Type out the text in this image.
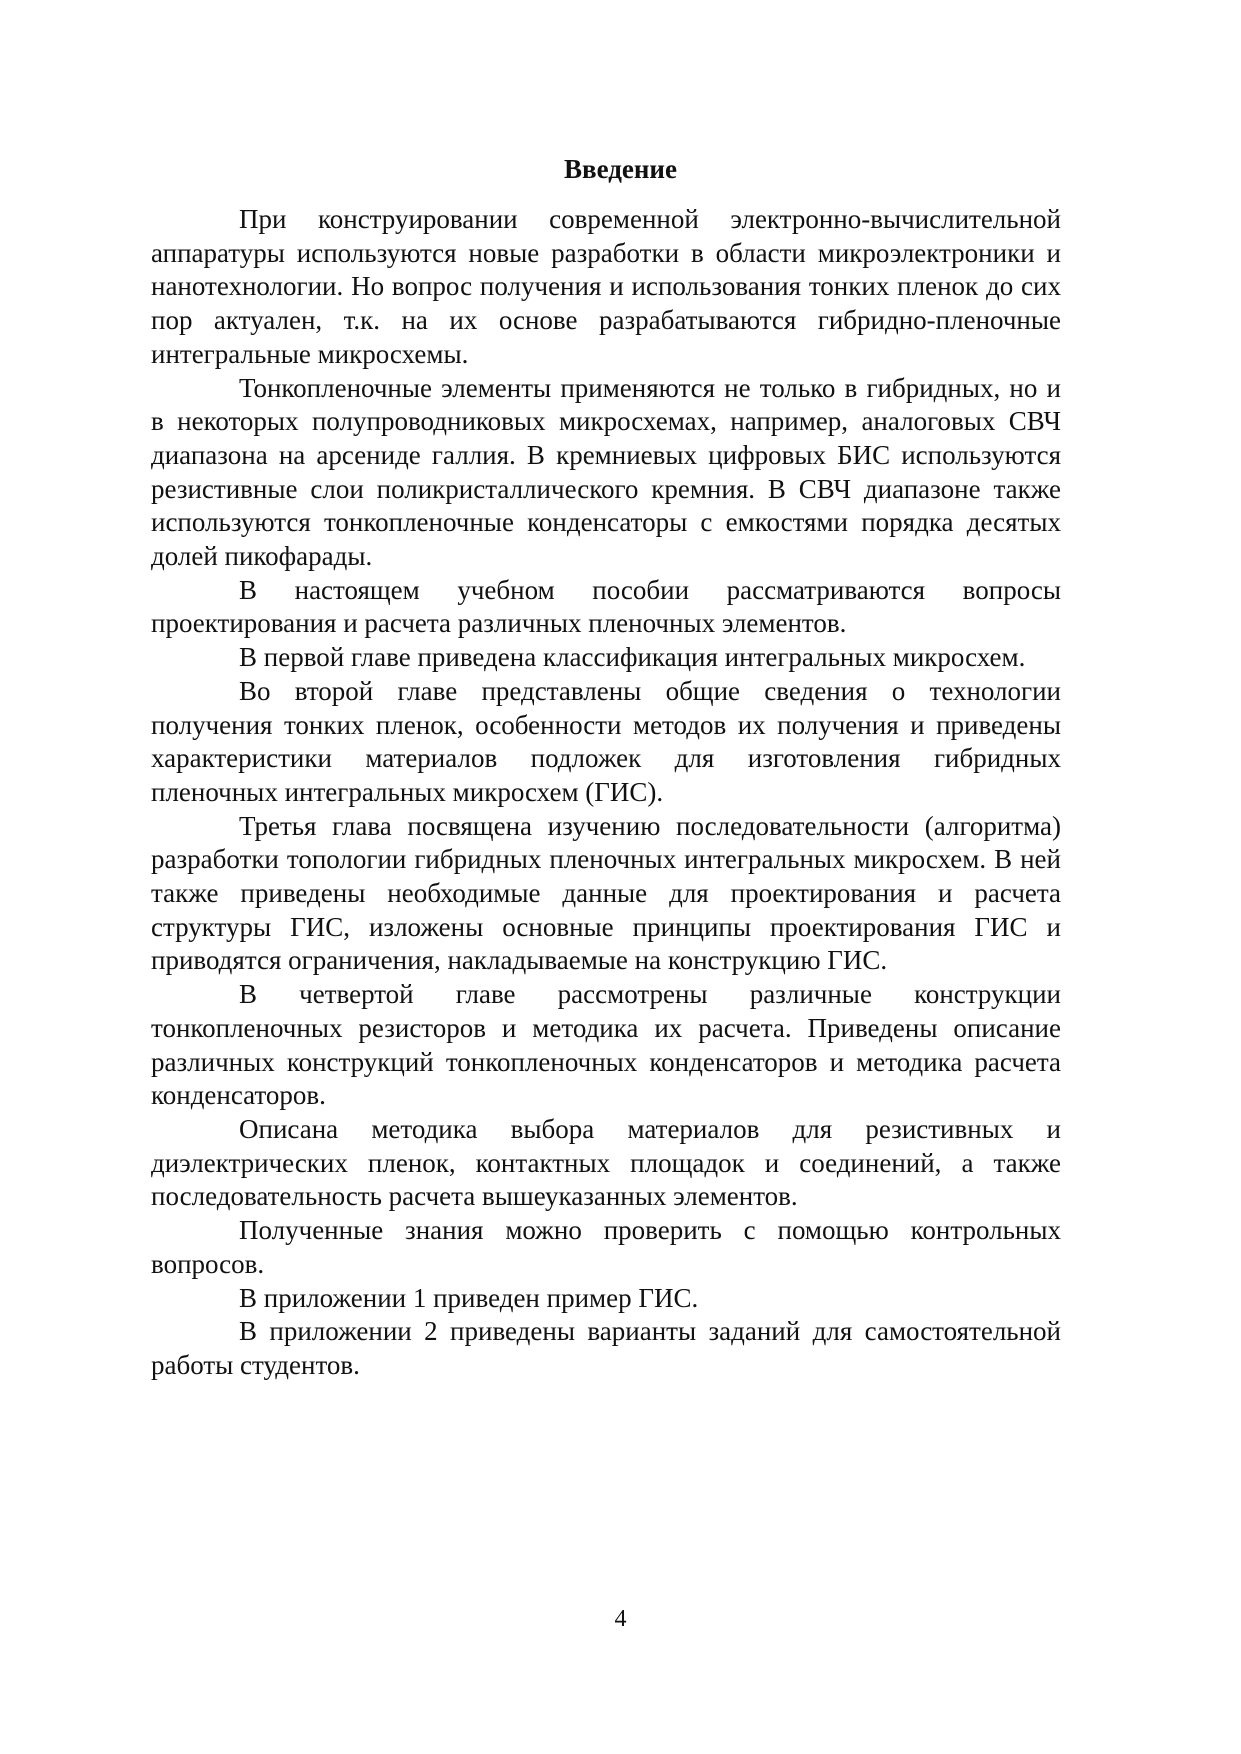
Введение

При конструировании современной электронно-вычислительной аппаратуры используются новые разработки в области микроэлектроники и нанотехнологии. Но вопрос получения и использования тонких пленок до сих пор актуален, т.к. на их основе разрабатываются гибридно-пленочные интегральные микросхемы.

Тонкопленочные элементы применяются не только в гибридных, но и в некоторых полупроводниковых микросхемах, например, аналоговых СВЧ диапазона на арсениде галлия. В кремниевых цифровых БИС используются резистивные слои поликристаллического кремния. В СВЧ диапазоне также используются тонкопленочные конденсаторы с емкостями порядка десятых долей пикофарады.

В настоящем учебном пособии рассматриваются вопросы проектирования и расчета различных пленочных элементов.

В первой главе приведена классификация интегральных микросхем.

Во второй главе представлены общие сведения о технологии получения тонких пленок, особенности методов их получения и приведены характеристики материалов подложек для изготовления гибридных пленочных интегральных микросхем (ГИС).

Третья глава посвящена изучению последовательности (алгоритма) разработки топологии гибридных пленочных интегральных микросхем. В ней также приведены необходимые данные для проектирования и расчета структуры ГИС, изложены основные принципы проектирования ГИС и приводятся ограничения, накладываемые на конструкцию ГИС.

В четвертой главе рассмотрены различные конструкции тонкопленочных резисторов и методика их расчета. Приведены описание различных конструкций тонкопленочных конденсаторов и методика расчета конденсаторов.

Описана методика выбора материалов для резистивных и диэлектрических пленок, контактных площадок и соединений, а также последовательность расчета вышеуказанных элементов.

Полученные знания можно проверить с помощью контрольных вопросов.

В приложении 1 приведен пример ГИС.

В приложении 2 приведены варианты заданий для самостоятельной работы студентов.

4
